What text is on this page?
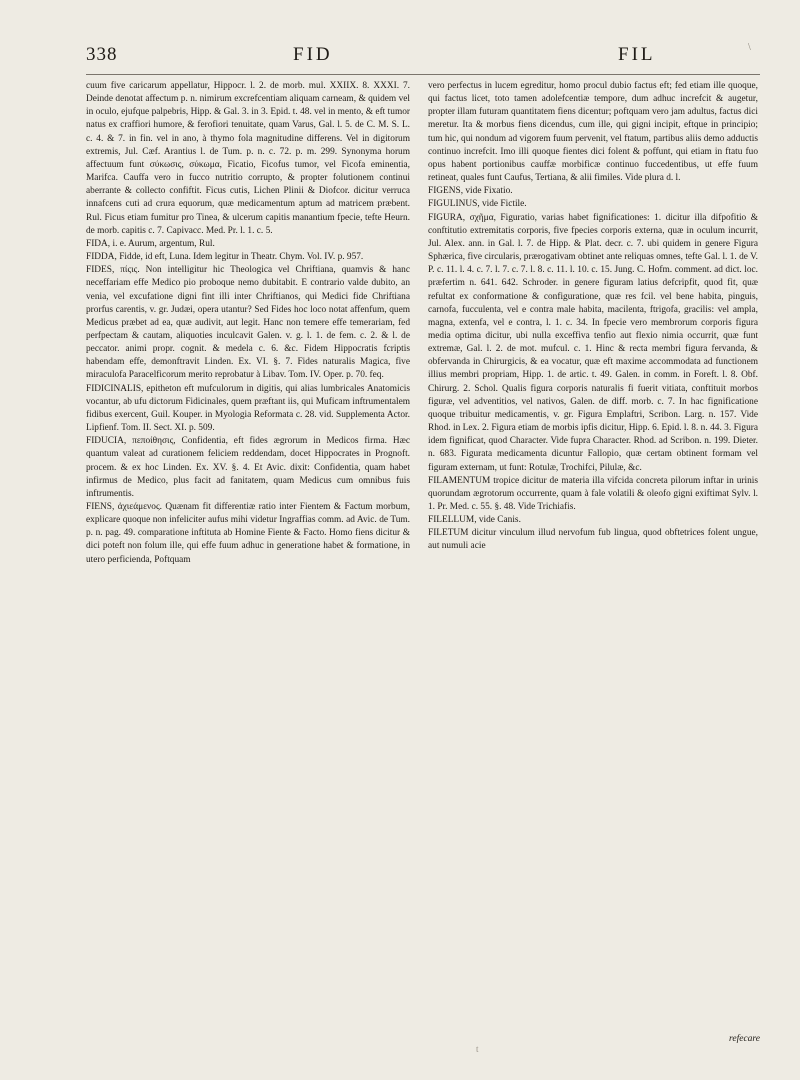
\
338	FID	FIL

cuum five caricarum appellatur, Hippocr. l. 2. de morb. mul. XXIIX. 8. XXXI. 7. Deinde denotat affectum p. n. nimirum excrefcentiam aliquam carneam, & quidem vel in oculo, ejufque palpebris, Hipp. & Gal. 3. in 3. Epid. t. 48. vel in mento, & eft tumor natus ex craffiori humore, & ferofiori tenuitate, quam Varus, Gal. l. 5. de C. M. S. L. c. 4. & 7. in fin. vel in ano, à thymo fola magnitudine differens. Vel in digitorum extremis, Jul. Cæf. Arantius l. de Tum. p. n. c. 72. p. m. 299. Synonyma horum affectuum funt σύκωσις, σύκωμα, Ficatio, Ficofus tumor, vel Ficofa eminentia, Marifca. Cauffa vero in fucco nutritio corrupto, & propter folutionem continui aberrante & collecto confiftit. Ficus cutis, Lichen Plinii & Diofcor. dicitur verruca innafcens cuti ad crura equorum, quæ medicamentum aptum ad matricem præbent. Rul. Ficus etiam fumitur pro Tinea, & ulcerum capitis manantium fpecie, tefte Heurn. de morb. capitis c. 7. Capivacc. Med. Pr. l. 1. c. 5.

FIDA, i. e. Aurum, argentum, Rul.

FIDDA, Fidde, id eft, Luna. Idem legitur in Theatr. Chym. Vol. IV. p. 957.

FIDES, πίςις. Non intelligitur hic Theologica vel Chriftiana, quamvis & hanc neceffariam effe Medico pio proboque nemo dubitabit. E contrario valde dubito, an venia, vel excufatione digni fint illi inter Chriftianos, qui Medici fide Chriftiana prorfus carentis, v. gr. Judæi, opera utantur? Sed Fides hoc loco notat affenfum, quem Medicus præbet ad ea, quæ audivit, aut legit. Hanc non temere effe temerariam, fed perfpectam & cautam, aliquoties inculcavit Galen. v. g. l. 1. de fem. c. 2. & l. de peccator. animi propr. cognit. & medela c. 6. &c. Fidem Hippocratis fcriptis habendam effe, demonftravit Linden. Ex. VI. §. 7. Fides naturalis Magica, five miraculofa Paracelficorum merito reprobatur à Libav. Tom. IV. Oper. p. 70. feq.

FIDICINALIS, epitheton eft mufculorum in digitis, qui alias lumbricales Anatomicis vocantur, ab ufu dictorum Fidicinales, quem præftant iis, qui Muficam inftrumentalem fidibus exercent, Guil. Kouper. in Myologia Reformata c. 28. vid. Supplementa Actor. Lipfienf. Tom. II. Sect. XI. p. 509.

FIDUCIA, πεποίθησις, Confidentia, eft fides ægrorum in Medicos firma. Hæc quantum valeat ad curationem feliciem reddendam, docet Hippocrates in Prognoft. procem. & ex hoc Linden. Ex. XV. §. 4. Et Avic. dixit: Confidentia, quam habet infirmus de Medico, plus facit ad fanitatem, quam Medicus cum omnibus fuis inftrumentis.

FIENS, ἀχιεάμενος. Quænam fit differentiæ ratio inter Fientem & Factum morbum, explicare quoque non infeliciter aufus mihi videtur Ingraffias comm. ad Avic. de Tum. p. n. pag. 49. comparatione inftituta ab Homine Fiente & Facto. Homo fiens dicitur & dici poteft non folum ille, qui effe fuum adhuc in generatione habet & formatione, in utero perficienda, Poftquam

vero perfectus in lucem egreditur, homo procul dubio factus eft; fed etiam ille quoque, qui factus licet, toto tamen adolefcentiæ tempore, dum adhuc increfcit & augetur, propter illam futuram quantitatem fiens dicentur; poftquam vero jam adultus, factus dici meretur. Ita & morbus fiens dicendus, cum ille, qui gigni incipit, eftque in principio; tum hic, qui nondum ad vigorem fuum pervenit, vel ftatum, partibus aliis demo adductis continuo increfcit. Imo illi quoque fientes dici folent & poffunt, qui etiam in ftatu fuo opus habent portionibus cauffæ morbificæ continuo fuccedentibus, ut effe fuum retineat, quales funt Caufus, Tertiana, & alii fimiles. Vide plura d. l.

FIGENS, vide Fixatio.

FIGULINUS, vide Fictile.

FIGURA, σχῆμα, Figuratio, varias habet fignificationes: 1. dicitur illa difpofitio & conftitutio extremitatis corporis, five fpecies corporis externa, quæ in oculum incurrit, Jul. Alex. ann. in Gal. l. 7. de Hipp. & Plat. decr. c. 7. ubi quidem in genere Figura Sphærica, five circularis, prærogativam obtinet ante reliquas omnes, tefte Gal. l. 1. de V. P. c. 11. l. 4. c. 7. l. 7. c. 7. l. 8. c. 11. l. 10. c. 15. Jung. C. Hofm. comment. ad dict. loc. præfertim n. 641. 642. Schroder. in genere figuram latius defcripfit, quod fit, quæ refultat ex conformatione & configuratione, quæ res fcil. vel bene habita, pinguis, carnofa, fucculenta, vel e contra male habita, macilenta, ftrigofa, gracilis: vel ampla, magna, extenfa, vel e contra, l. 1. c. 34. In fpecie vero membrorum corporis figura media optima dicitur, ubi nulla exceffiva tenfio aut flexio nimia occurrit, quæ funt extremæ, Gal. l. 2. de mot. mufcul. c. 1. Hinc & recta membri figura fervanda, & obfervanda in Chirurgicis, & ea vocatur, quæ eft maxime accommodata ad functionem illius membri propriam, Hipp. 1. de artic. t. 49. Galen. in comm. in Foreft. l. 8. Obf. Chirurg. 2. Schol. Qualis figura corporis naturalis fi fuerit vitiata, conftituit morbos figuræ, vel adventitios, vel nativos, Galen. de diff. morb. c. 7. In hac fignificatione quoque tribuitur medicamentis, v. gr. Figura Emplaftri, Scribon. Larg. n. 157. Vide Rhod. in Lex. 2. Figura etiam de morbis ipfis dicitur, Hipp. 6. Epid. l. 8. n. 44. 3. Figura idem fignificat, quod Character. Vide fupra Character. Rhod. ad Scribon. n. 199. Dieter. n. 683. Figurata medicamenta dicuntur Fallopio, quæ certam obtinent formam vel figuram externam, ut funt: Rotulæ, Trochifci, Pilulæ, &c.

FILAMENTUM tropice dicitur de materia illa vifcida concreta pilorum inftar in urinis quorundam ægrotorum occurrente, quam à fale volatili & oleofo gigni exiftimat Sylv. l. 1. Pr. Med. c. 55. §. 48. Vide Trichiafis.

FILELLUM, vide Canis.

FILETUM dicitur vinculum illud nervofum fub lingua, quod obftetrices folent ungue, aut numuli acie

refecare
t
